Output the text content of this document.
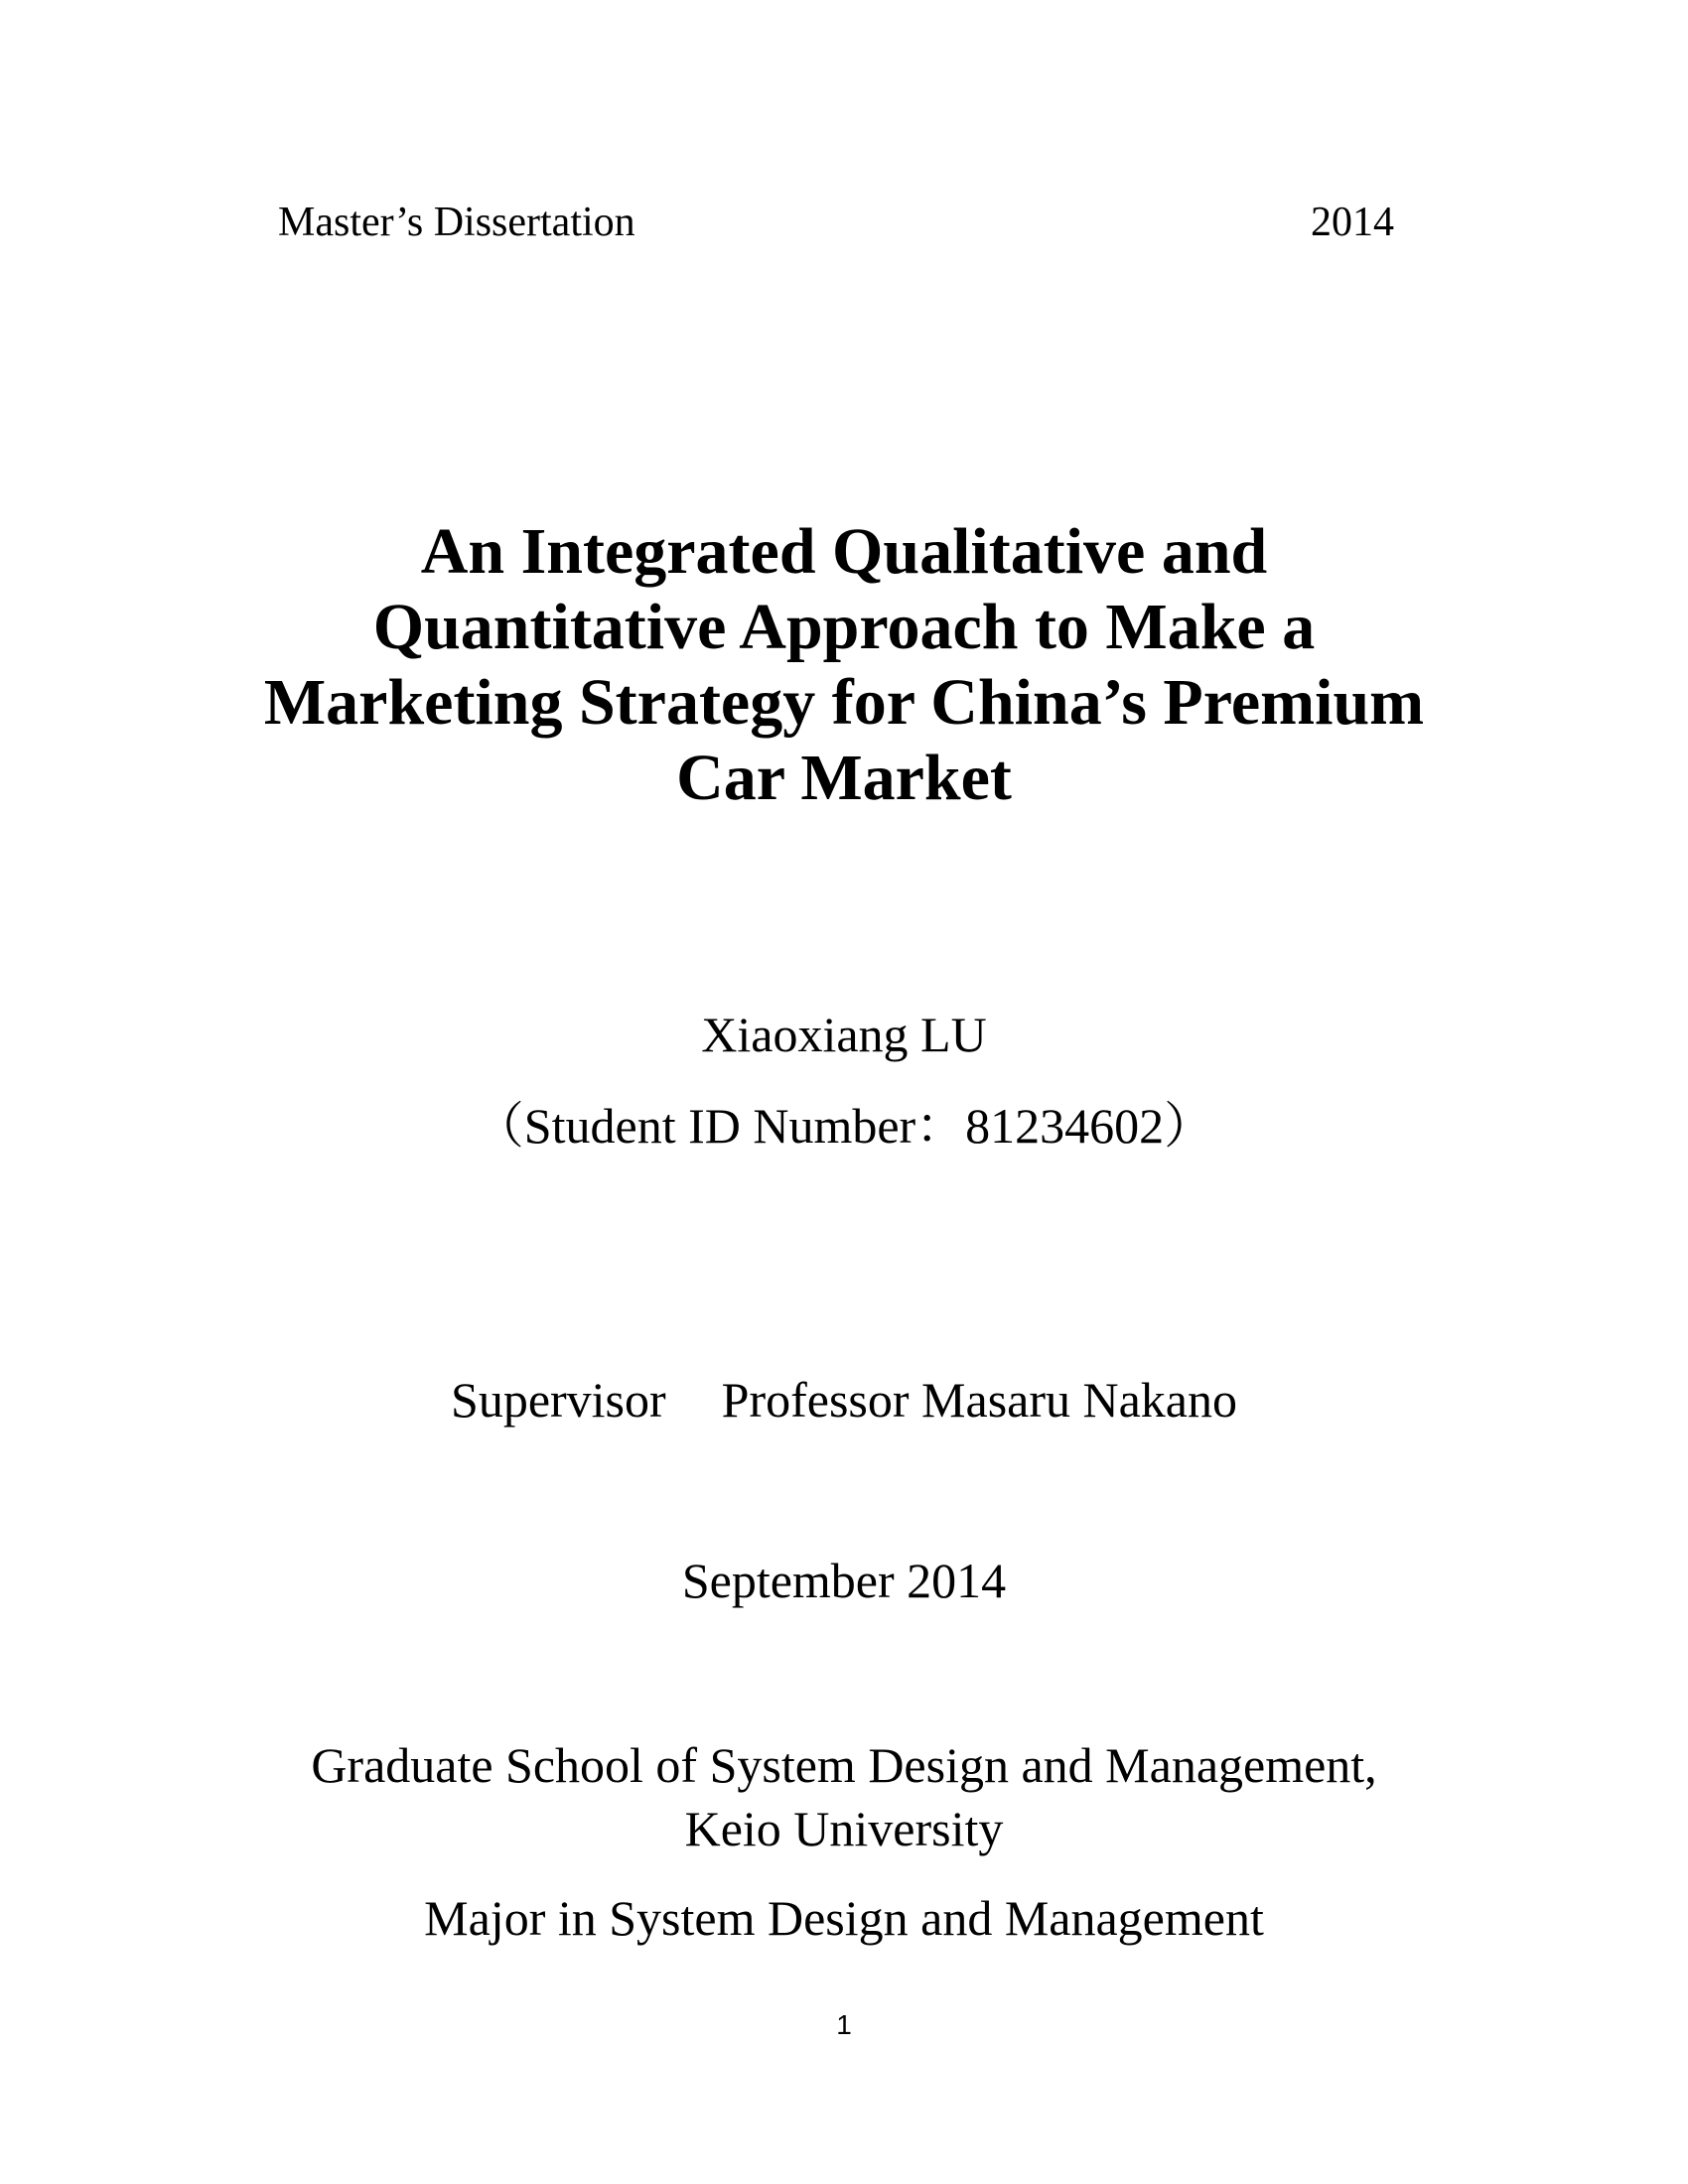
Master’s Dissertation	2014
An Integrated Qualitative and
Quantitative Approach to Make a
Marketing Strategy for China’s Premium
Car Market
Xiaoxiang LU
（Student ID Number：81234602）
Supervisor Professor Masaru Nakano
September 2014
Graduate School of System Design and Management,
Keio University
Major in System Design and Management
1
